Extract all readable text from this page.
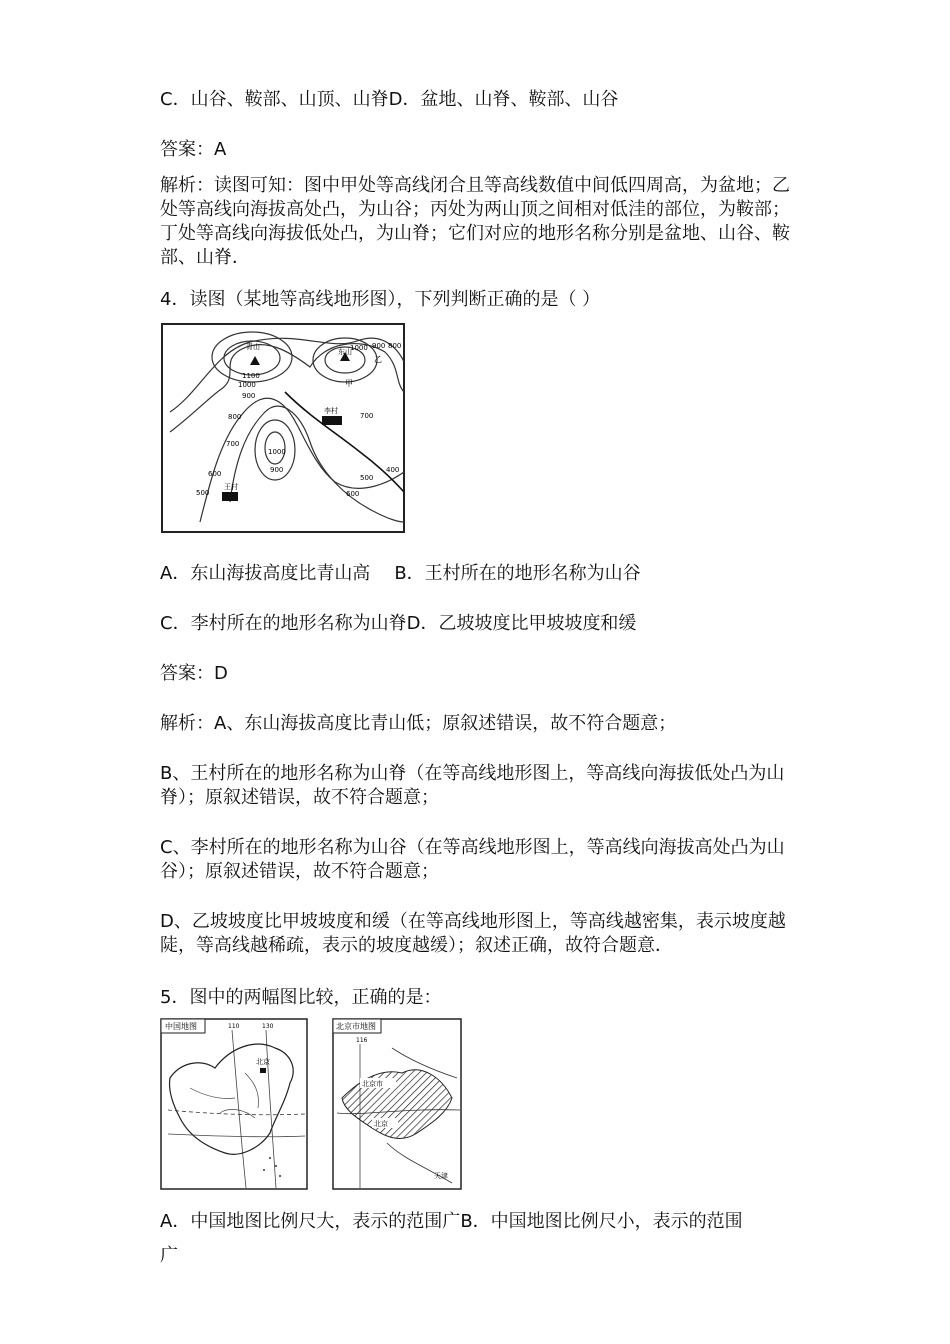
C．山谷、鞍部、山顶、山脊D．盆地、山脊、鞍部、山谷
答案：A
解析：读图可知：图中甲处等高线闭合且等高线数值中间低四周高，为盆地；乙处等高线向海拔高处凸，为山谷；丙处为两山顶之间相对低洼的部位，为鞍部；丁处等高线向海拔低处凸，为山脊；它们对应的地形名称分别是盆地、山谷、鞍部、山脊．
4．读图（某地等高线地形图），下列判断正确的是（ ）
青山
东山
李村
王村
甲
乙
1100
1000
900
1000 900 800
1000
900
800
700
700
600
600
500
500
400
A．东山海拔高度比青山高 B．王村所在的地形名称为山谷
C．李村所在的地形名称为山脊D．乙坡坡度比甲坡坡度和缓
答案：D
解析：A、东山海拔高度比青山低；原叙述错误，故不符合题意；
B、王村所在的地形名称为山脊（在等高线地形图上，等高线向海拔低处凸为山脊）；原叙述错误，故不符合题意；
C、李村所在的地形名称为山谷（在等高线地形图上，等高线向海拔高处凸为山谷）；原叙述错误，故不符合题意；
D、乙坡坡度比甲坡坡度和缓（在等高线地形图上，等高线越密集，表示坡度越陡，等高线越稀疏，表示的坡度越缓）；叙述正确，故符合题意．
5．图中的两幅图比较，正确的是：
中国地图	110	130
北京
北京市地图
116
北京市
北京
天津
A．中国地图比例尺大，表示的范围广B．中国地图比例尺小，表示的范围
广
